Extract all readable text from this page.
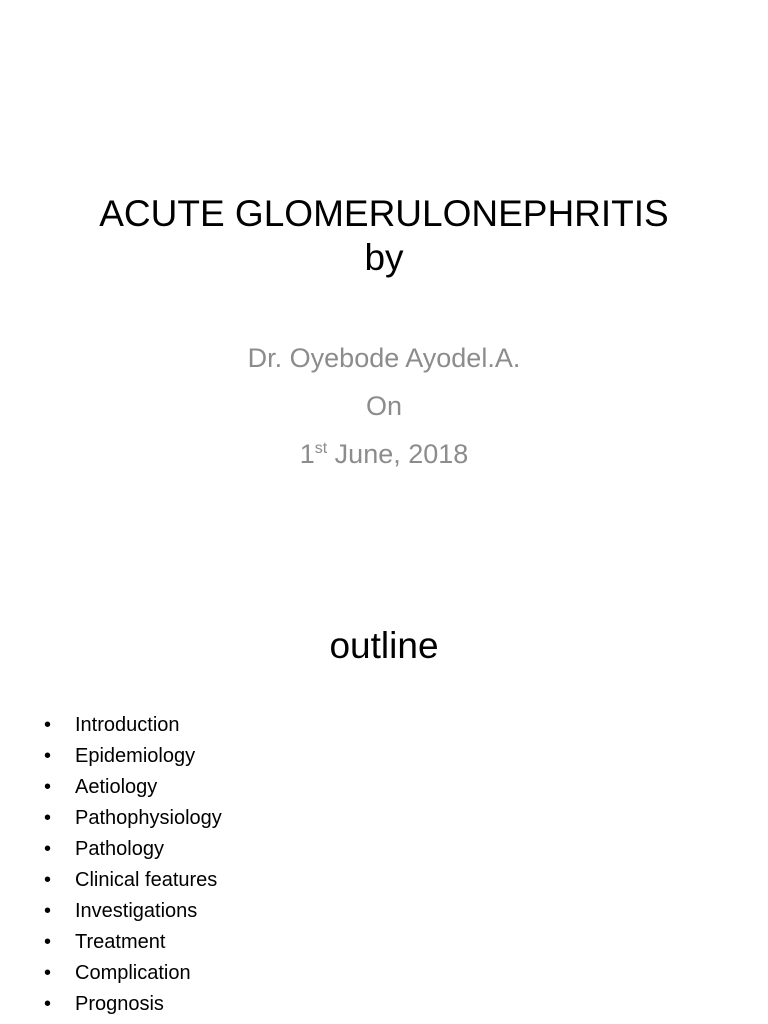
ACUTE GLOMERULONEPHRITIS
by
Dr. Oyebode Ayodel.A.
On
1st June, 2018
outline
• Introduction
• Epidemiology
• Aetiology
• Pathophysiology
• Pathology
• Clinical features
• Investigations
• Treatment
• Complication
• Prognosis
